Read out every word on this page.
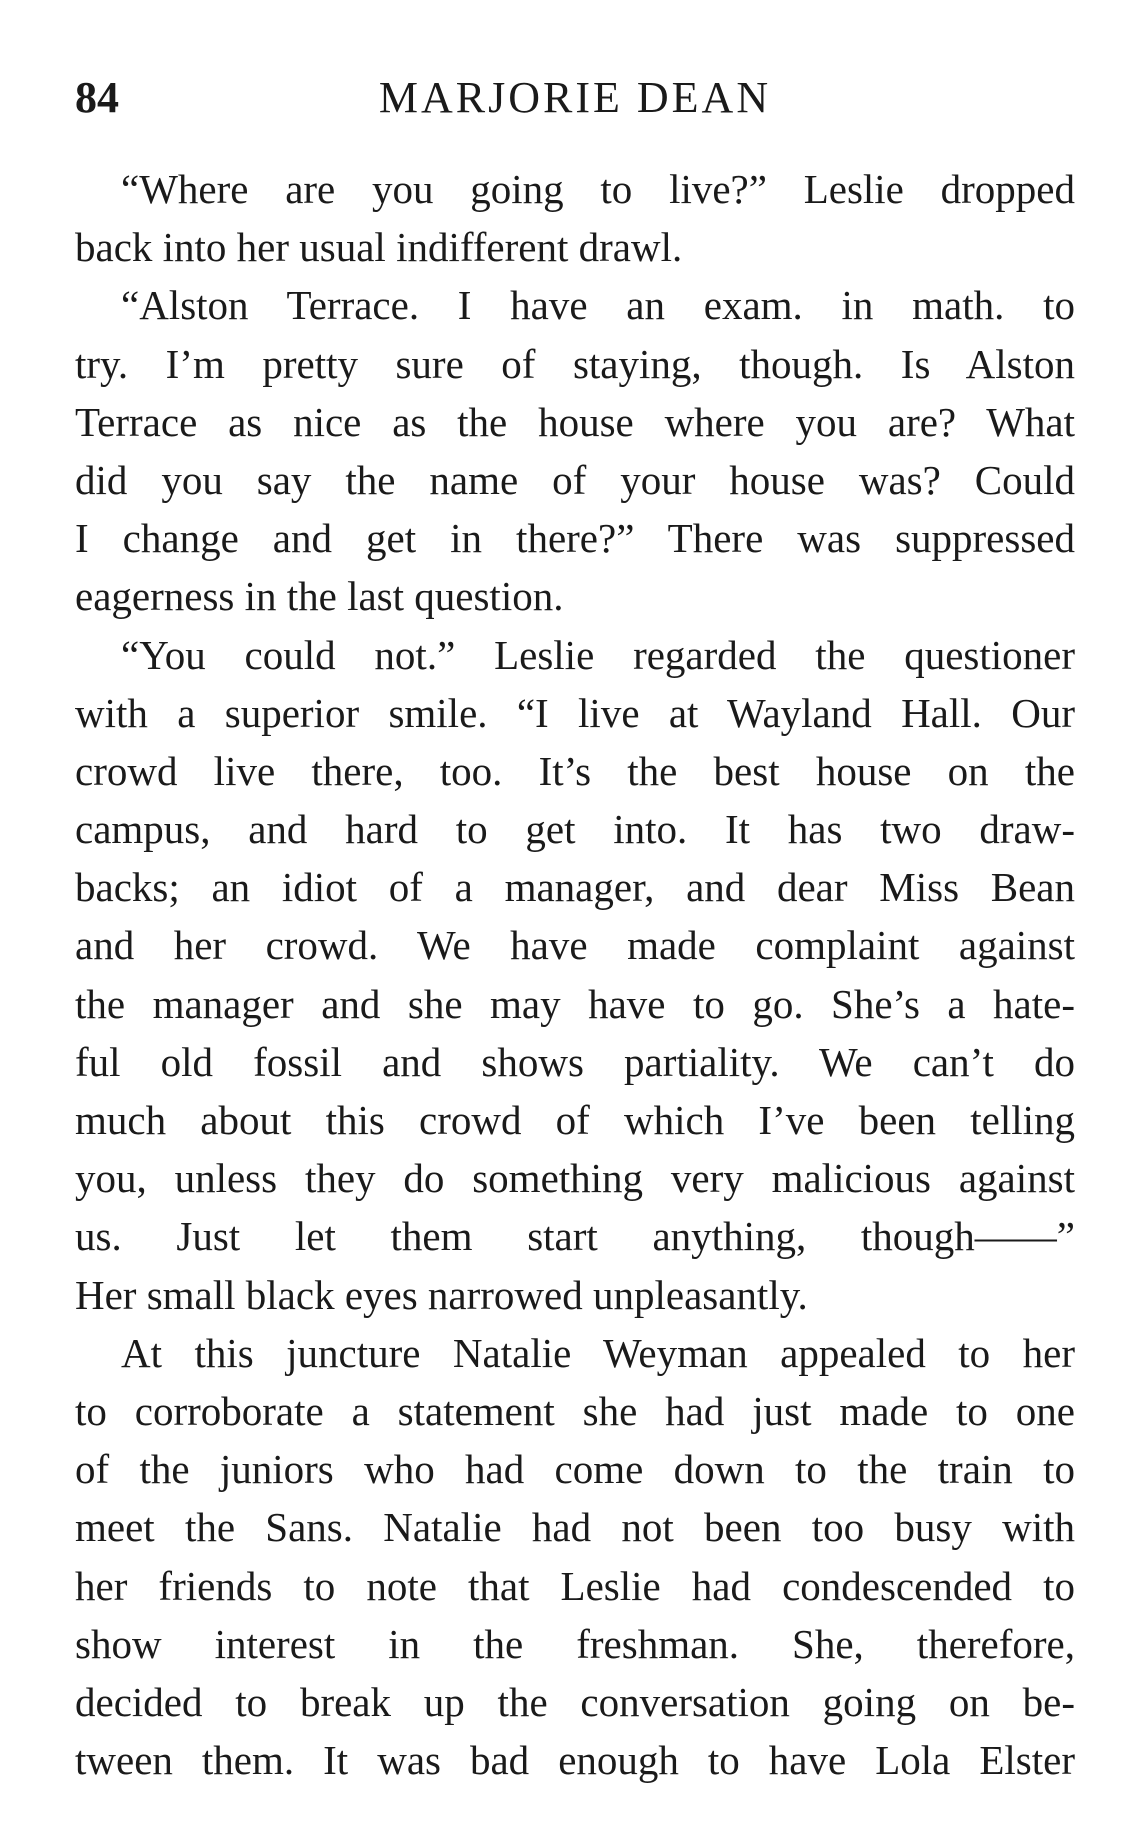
84	MARJORIE DEAN
“Where are you going to live?” Leslie dropped
back into her usual indifferent drawl.
“Alston Terrace. I have an exam. in math. to
try. I’m pretty sure of staying, though. Is Alston
Terrace as nice as the house where you are? What
did you say the name of your house was? Could
I change and get in there?” There was suppressed
eagerness in the last question.
“You could not.” Leslie regarded the questioner
with a superior smile. “I live at Wayland Hall. Our
crowd live there, too. It’s the best house on the
campus, and hard to get into. It has two draw-
backs; an idiot of a manager, and dear Miss Bean
and her crowd. We have made complaint against
the manager and she may have to go. She’s a hate-
ful old fossil and shows partiality. We can’t do
much about this crowd of which I’ve been telling
you, unless they do something very malicious against
us. Just let them start anything, though——”
Her small black eyes narrowed unpleasantly.
At this juncture Natalie Weyman appealed to her
to corroborate a statement she had just made to one
of the juniors who had come down to the train to
meet the Sans. Natalie had not been too busy with
her friends to note that Leslie had condescended to
show interest in the freshman. She, therefore,
decided to break up the conversation going on be-
tween them. It was bad enough to have Lola Elster
